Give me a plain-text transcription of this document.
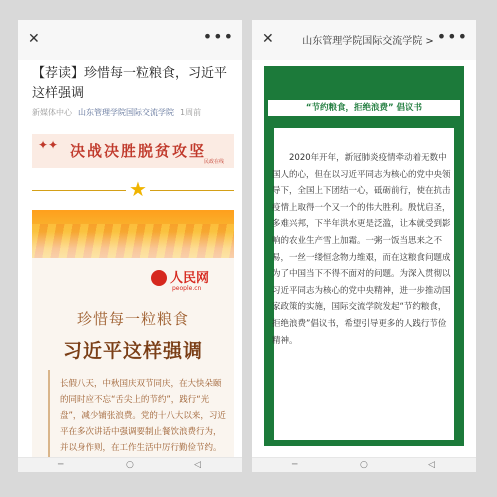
✕	•••
【荐读】珍惜每一粒粮食，习近平这样强调
新媒体中心 山东管理学院国际交流学院 1周前
✦✦ 决战决胜脱贫攻坚
民政在线
★
人民网
people.cn
珍惜每一粒粮食
习近平这样强调
长假八天，中秋国庆双节同庆，在大快朵颐的同时应不忘“舌尖上的节约”，践行“光盘”，减少铺张浪费。党的十八大以来，习近平在多次讲话中强调要制止餐饮浪费行为，并以身作则，在工作生活中厉行勤俭节约。
─	○	◁
✕	山东管理学院国际交流学院 > •••
“节约粮食，拒绝浪费” 倡议书
2020年开年，新冠肺炎疫情牵动着无数中国人的心，但在以习近平同志为核心的党中央领导下，全国上下团结一心，砥砺前行，使在抗击疫情上取得一个又一个的伟大胜利。殷忧启圣，多难兴邦，下半年洪水更是泛滥，让本就受到影响的农业生产雪上加霜。一粥一饭当思来之不易，一丝一缕恒念物力维艰，而在这粮食问题成为了中国当下不得不面对的问题。为深入贯彻以习近平同志为核心的党中央精神，进一步推动国家政策的实施，国际交流学院发起“节约粮食，拒绝浪费”倡议书，希望引导更多的人践行节俭精神。
─	○	◁
